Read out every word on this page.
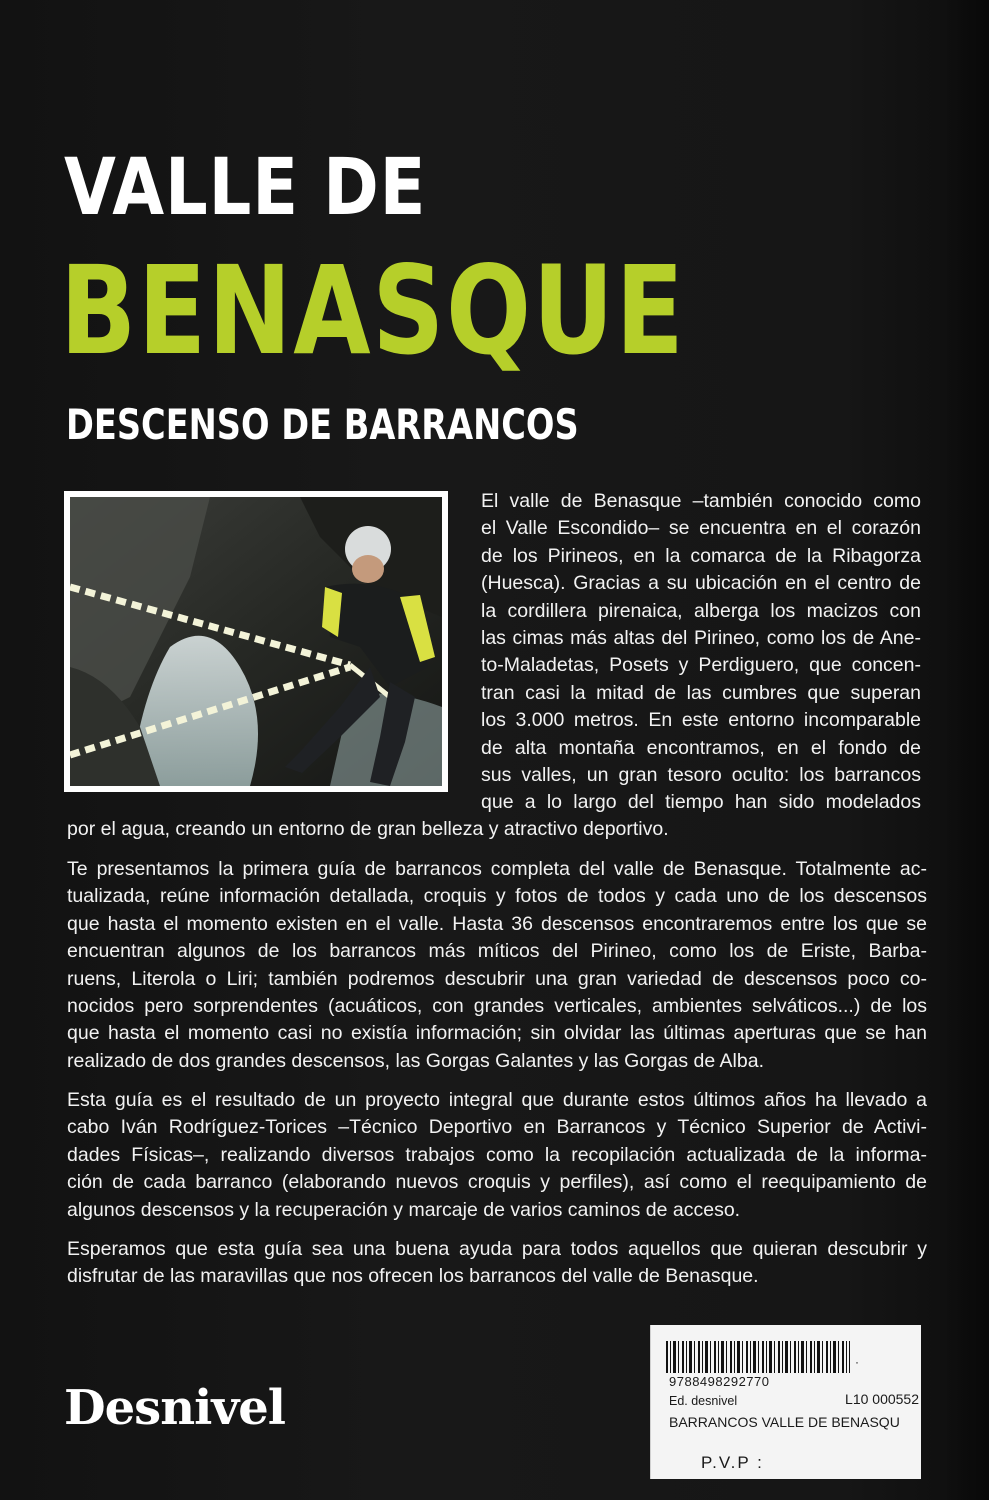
VALLE DE
BENASQUE
DESCENSO DE BARRANCOS
El valle de Benasque –también conocido como
el Valle Escondido– se encuentra en el corazón
de los Pirineos, en la comarca de la Ribagorza
(Huesca). Gracias a su ubicación en el centro de
la cordillera pirenaica, alberga los macizos con
las cimas más altas del Pirineo, como los de Ane-
to-Maladetas, Posets y Perdiguero, que concen-
tran casi la mitad de las cumbres que superan
los 3.000 metros. En este entorno incomparable
de alta montaña encontramos, en el fondo de
sus valles, un gran tesoro oculto: los barrancos
que a lo largo del tiempo han sido modelados
por el agua, creando un entorno de gran belleza y atractivo deportivo.
Te presentamos la primera guía de barrancos completa del valle de Benasque. Totalmente ac-
tualizada, reúne información detallada, croquis y fotos de todos y cada uno de los descensos
que hasta el momento existen en el valle. Hasta 36 descensos encontraremos entre los que se
encuentran algunos de los barrancos más míticos del Pirineo, como los de Eriste, Barba-
ruens, Literola o Liri; también podremos descubrir una gran variedad de descensos poco co-
nocidos pero sorprendentes (acuáticos, con grandes verticales, ambientes selváticos...) de los
que hasta el momento casi no existía información; sin olvidar las últimas aperturas que se han
realizado de dos grandes descensos, las Gorgas Galantes y las Gorgas de Alba.
Esta guía es el resultado de un proyecto integral que durante estos últimos años ha llevado a
cabo Iván Rodríguez-Torices –Técnico Deportivo en Barrancos y Técnico Superior de Activi-
dades Físicas–, realizando diversos trabajos como la recopilación actualizada de la informa-
ción de cada barranco (elaborando nuevos croquis y perfiles), así como el reequipamiento de
algunos descensos y la recuperación y marcaje de varios caminos de acceso.
Esperamos que esta guía sea una buena ayuda para todos aquellos que quieran descubrir y
disfrutar de las maravillas que nos ofrecen los barrancos del valle de Benasque.
Desnivel
·
9788498292770
Ed. desnivel	L10 000552
BARRANCOS VALLE DE BENASQU
P.V.P :
